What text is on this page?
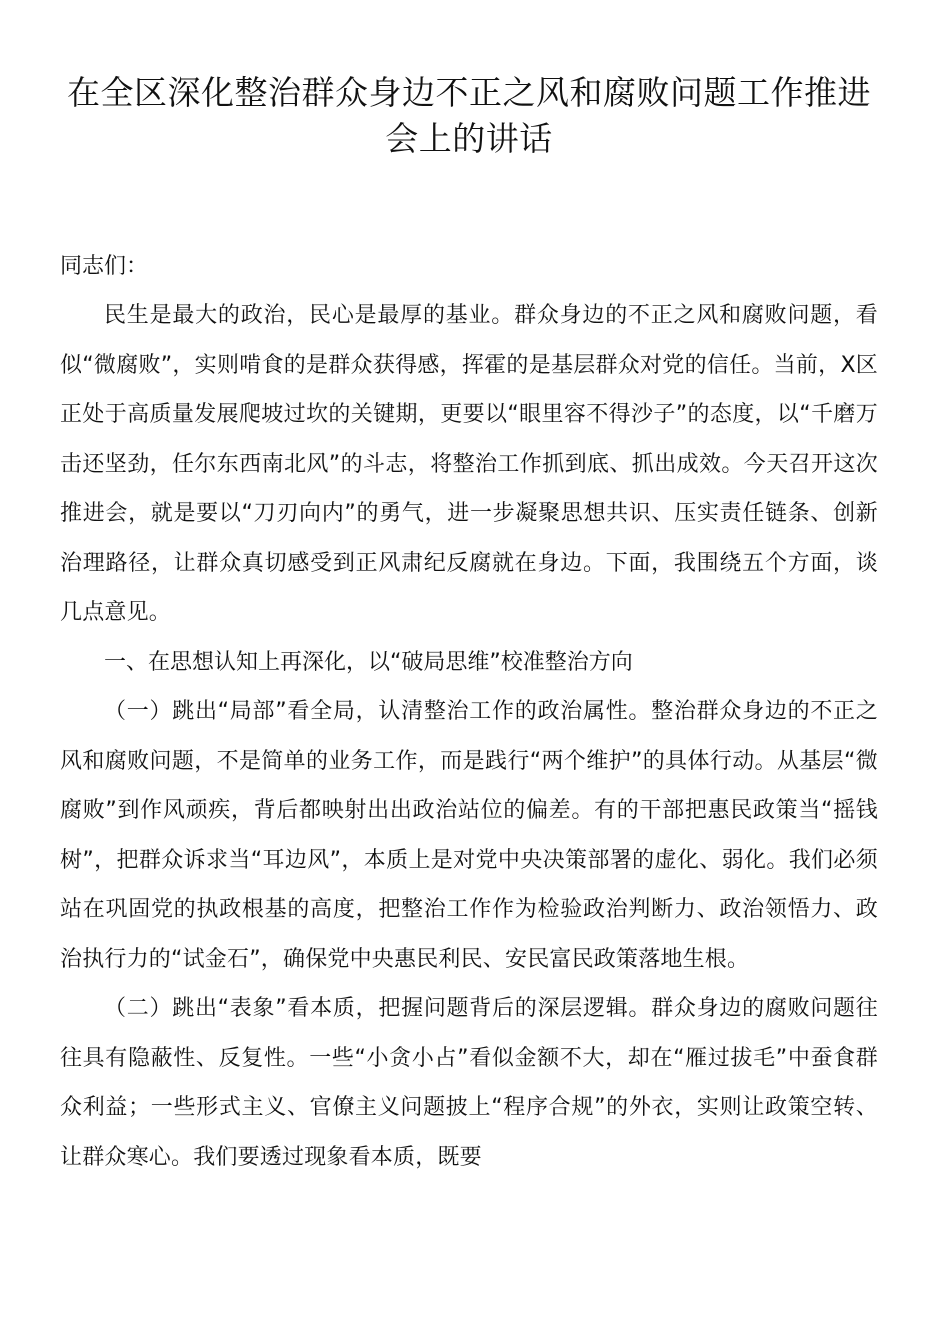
在全区深化整治群众身边不正之风和腐败问题工作推进会上的讲话

同志们：

民生是最大的政治，民心是最厚的基业。群众身边的不正之风和腐败问题，看似“微腐败”，实则啃食的是群众获得感，挥霍的是基层群众对党的信任。当前，X区正处于高质量发展爬坡过坎的关键期，更要以“眼里容不得沙子”的态度，以“千磨万击还坚劲，任尔东西南北风”的斗志，将整治工作抓到底、抓出成效。今天召开这次推进会，就是要以“刀刃向内”的勇气，进一步凝聚思想共识、压实责任链条、创新治理路径，让群众真切感受到正风肃纪反腐就在身边。下面，我围绕五个方面，谈几点意见。

一、在思想认知上再深化，以“破局思维”校准整治方向

（一）跳出“局部”看全局，认清整治工作的政治属性。整治群众身边的不正之风和腐败问题，不是简单的业务工作，而是践行“两个维护”的具体行动。从基层“微腐败”到作风顽疾，背后都映射出出政治站位的偏差。有的干部把惠民政策当“摇钱树”，把群众诉求当“耳边风”，本质上是对党中央决策部署的虚化、弱化。我们必须站在巩固党的执政根基的高度，把整治工作作为检验政治判断力、政治领悟力、政治执行力的“试金石”，确保党中央惠民利民、安民富民政策落地生根。

（二）跳出“表象”看本质，把握问题背后的深层逻辑。群众身边的腐败问题往往具有隐蔽性、反复性。一些“小贪小占”看似金额不大，却在“雁过拔毛”中蚕食群众利益；一些形式主义、官僚主义问题披上“程序合规”的外衣，实则让政策空转、让群众寒心。我们要透过现象看本质，既要
